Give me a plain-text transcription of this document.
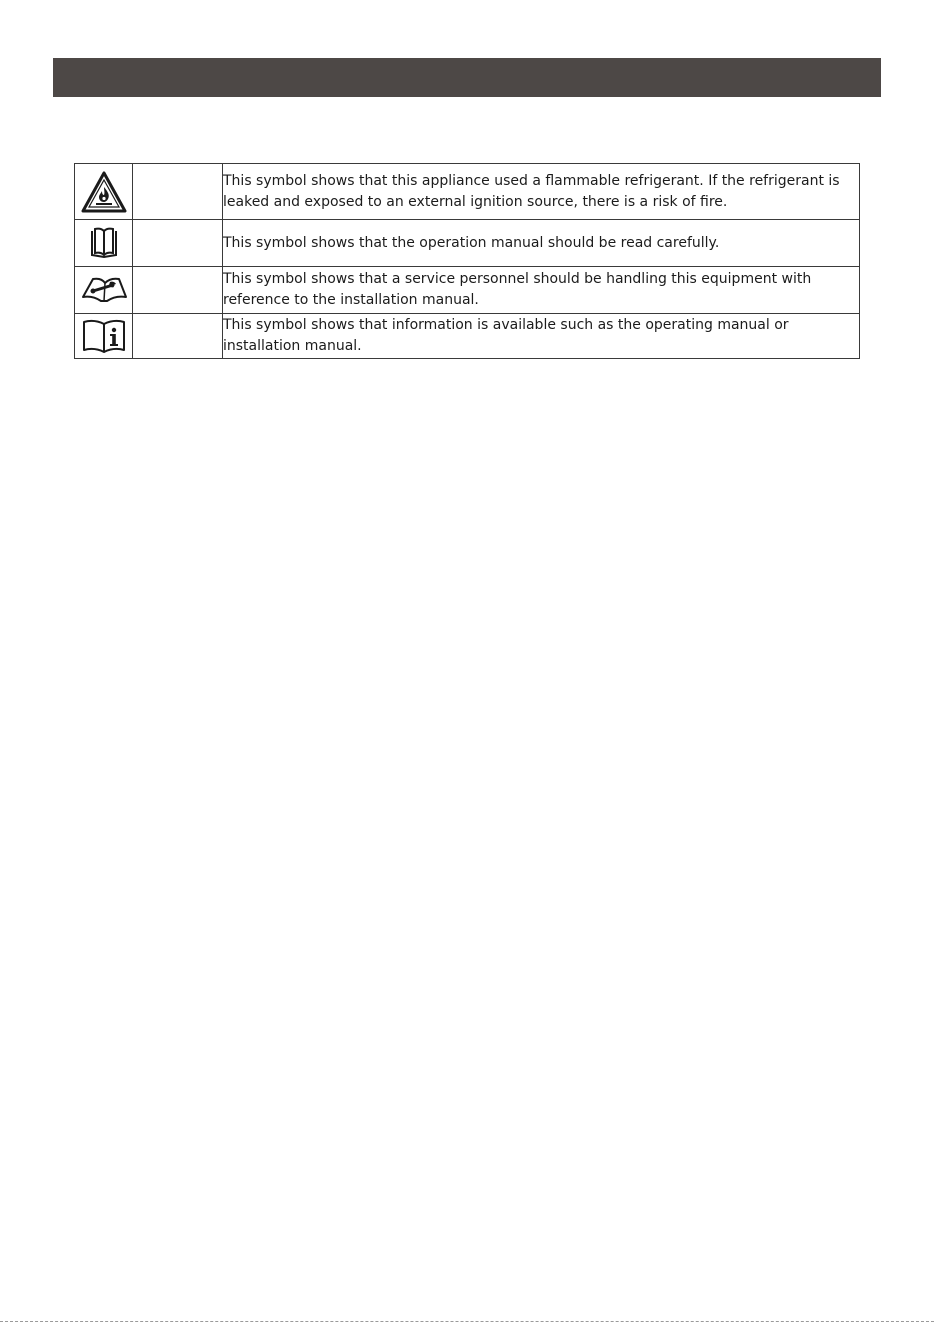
		This symbol shows that this appliance used a flammable refrigerant. If the refrigerant is leaked and exposed to an external ignition source, there is a risk of fire.

		This symbol shows that the operation manual should be read carefully.

		This symbol shows that a service personnel should be handling this equipment with reference to the installation manual.

		This symbol shows that information is available such as the operating manual or installation manual.
